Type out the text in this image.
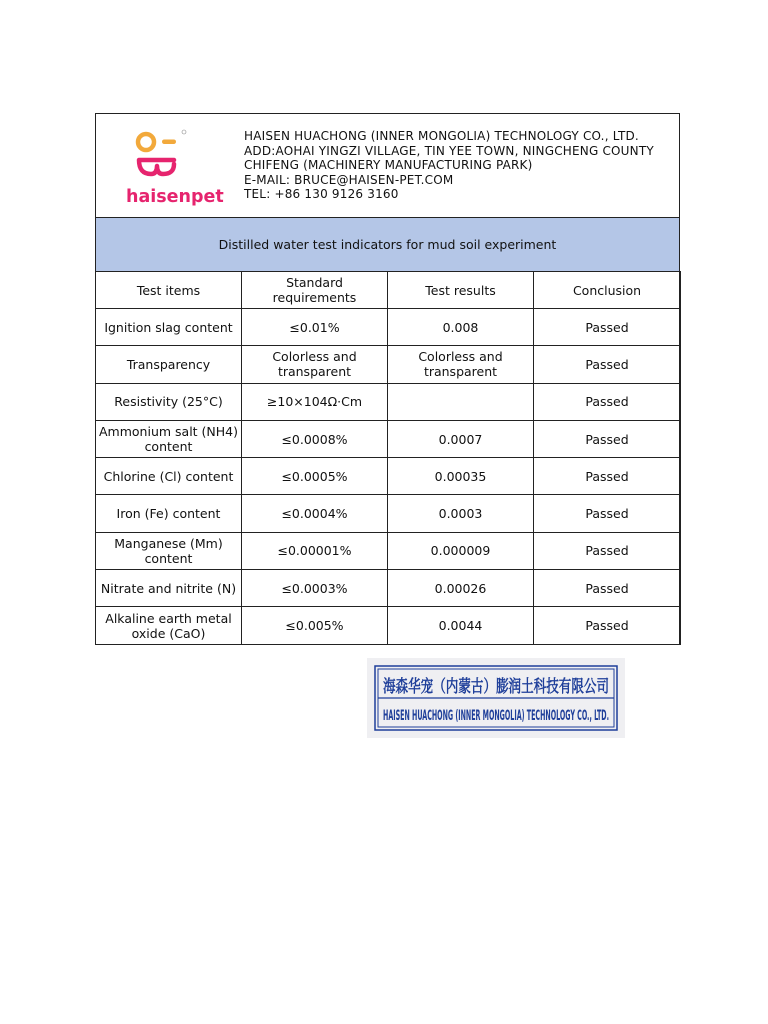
haisenpet
HAISEN HUACHONG (INNER MONGOLIA) TECHNOLOGY CO., LTD.
ADD:AOHAI YINGZI VILLAGE, TIN YEE TOWN, NINGCHENG COUNTY
CHIFENG (MACHINERY MANUFACTURING PARK)
E-MAIL: BRUCE@HAISEN-PET.COM
TEL: +86 130 9126 3160
Distilled water test indicators for mud soil experiment
Test items	Standard requirements	Test results	Conclusion
Ignition slag content	≤0.01%	0.008	Passed
Transparency	Colorless and transparent	Colorless and transparent	Passed
Resistivity (25°C)	≥10×104Ω·Cm		Passed
Ammonium salt (NH4) content	≤0.0008%	0.0007	Passed
Chlorine (Cl) content	≤0.0005%	0.00035	Passed
Iron (Fe) content	≤0.0004%	0.0003	Passed
Manganese (Mm) content	≤0.00001%	0.000009	Passed
Nitrate and nitrite (N)	≤0.0003%	0.00026	Passed
Alkaline earth metal oxide (CaO)	≤0.005%	0.0044	Passed
海森华宠（内蒙古）膨润土科技有限公司
HAISEN HUACHONG (INNER MONGOLIA) TECHNOLOGY CO., LTD.
